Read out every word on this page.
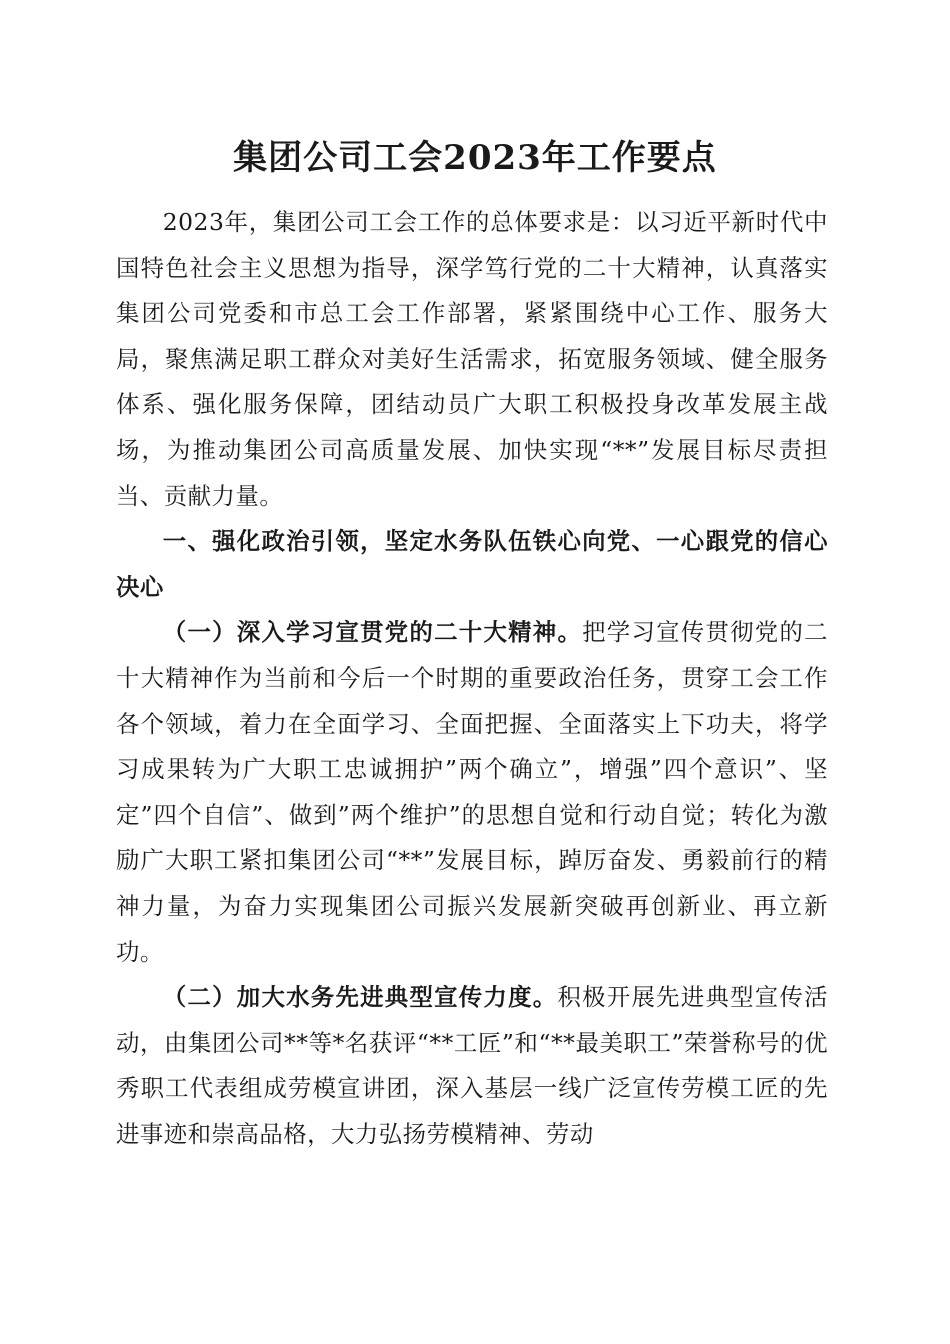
集团公司工会2023年工作要点

2023年，集团公司工会工作的总体要求是：以习近平新时代中国特色社会主义思想为指导，深学笃行党的二十大精神，认真落实集团公司党委和市总工会工作部署，紧紧围绕中心工作、服务大局，聚焦满足职工群众对美好生活需求，拓宽服务领域、健全服务体系、强化服务保障，团结动员广大职工积极投身改革发展主战场，为推动集团公司高质量发展、加快实现“**”发展目标尽责担当、贡献力量。

一、强化政治引领，坚定水务队伍铁心向党、一心跟党的信心决心

（一）深入学习宣贯党的二十大精神。把学习宣传贯彻党的二十大精神作为当前和今后一个时期的重要政治任务，贯穿工会工作各个领域，着力在全面学习、全面把握、全面落实上下功夫，将学习成果转为广大职工忠诚拥护”两个确立”，增强”四个意识”、坚定”四个自信”、做到”两个维护”的思想自觉和行动自觉；转化为激励广大职工紧扣集团公司“**”发展目标，踔厉奋发、勇毅前行的精神力量，为奋力实现集团公司振兴发展新突破再创新业、再立新功。

（二）加大水务先进典型宣传力度。积极开展先进典型宣传活动，由集团公司**等*名获评“**工匠”和“**最美职工”荣誉称号的优秀职工代表组成劳模宣讲团，深入基层一线广泛宣传劳模工匠的先进事迹和崇高品格，大力弘扬劳模精神、劳动
